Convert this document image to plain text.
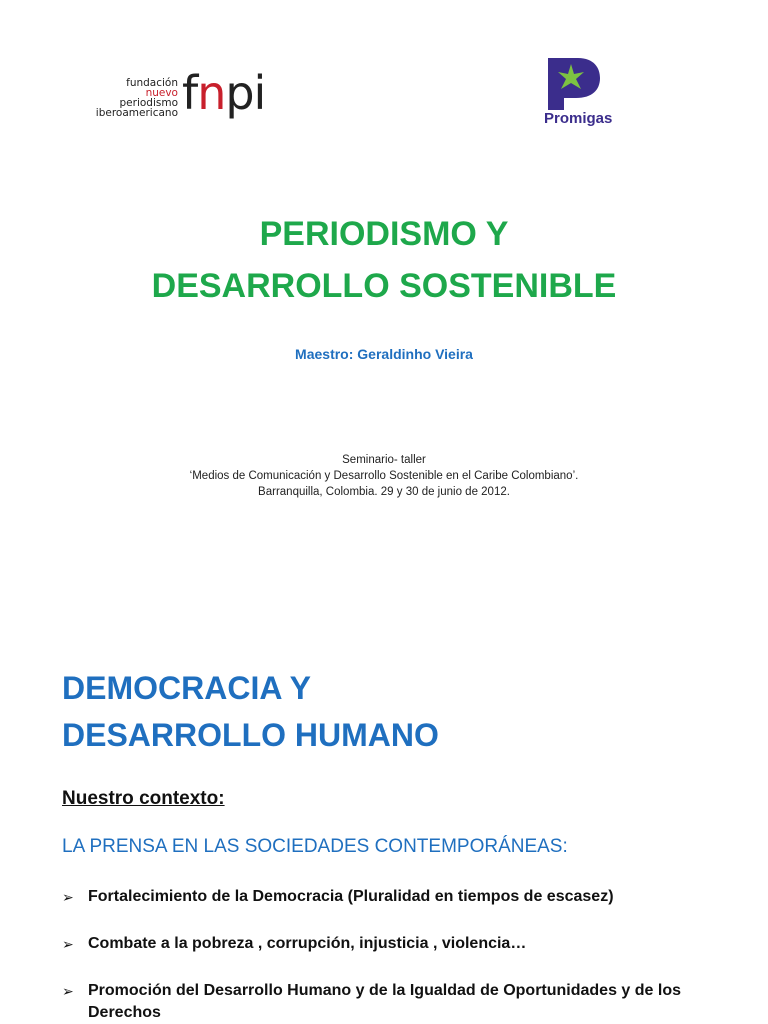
fundación
nuevo
periodismo
iberoamericano fnpi	Promigas
PERIODISMO Y
DESARROLLO SOSTENIBLE
Maestro: Geraldinho Vieira
Seminario- taller
‘Medios de Comunicación y Desarrollo Sostenible en el Caribe Colombiano’.
Barranquilla, Colombia. 29 y 30 de junio de 2012.
DEMOCRACIA Y
DESARROLLO HUMANO
Nuestro contexto:
LA PRENSA EN LAS SOCIEDADES CONTEMPORÁNEAS:
➢ Fortalecimiento de la Democracia (Pluralidad en tiempos de escasez)
➢ Combate a la pobreza , corrupción, injusticia , violencia…
➢ Promoción del Desarrollo Humano y de la Igualdad de Oportunidades y de los Derechos
